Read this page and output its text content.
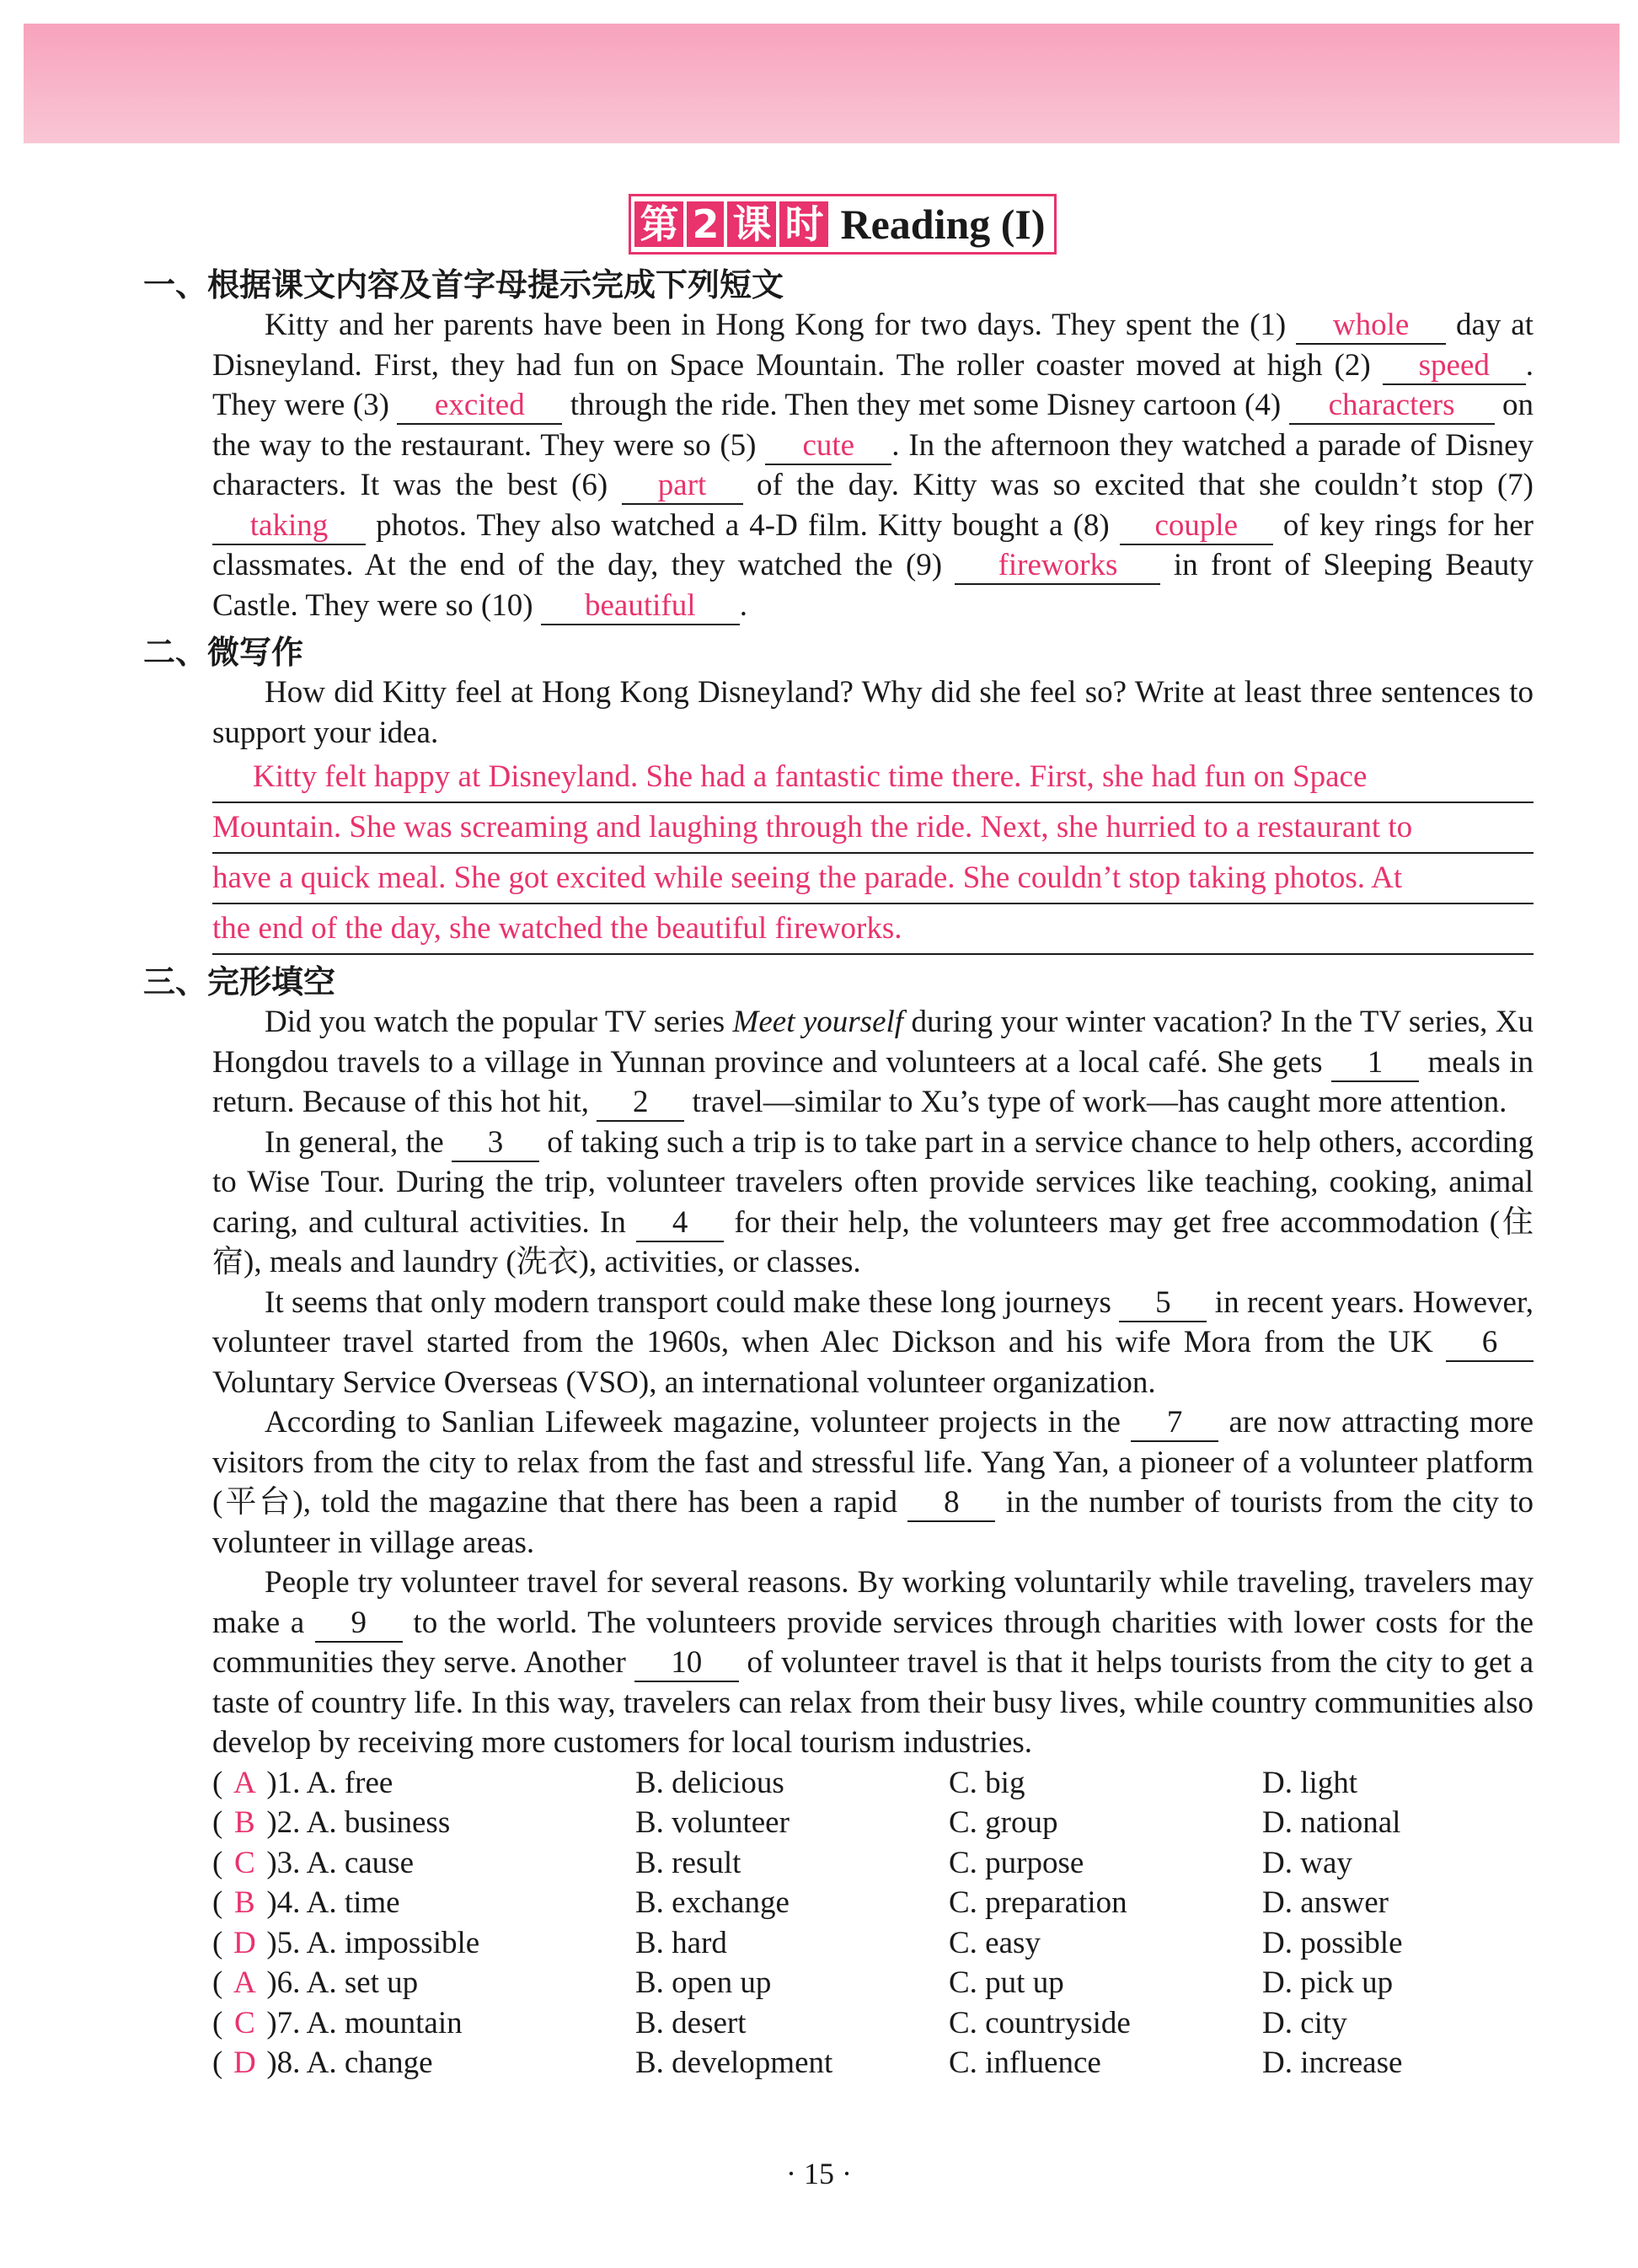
第 2 课 时 Reading (I)
一、根据课文内容及首字母提示完成下列短文
Kitty and her parents have been in Hong Kong for two days. They spent the (1) whole day at Disneyland. First, they had fun on Space Mountain. The roller coaster moved at high (2) speed . They were (3) excited through the ride. Then they met some Disney cartoon (4) characters on the way to the restaurant. They were so (5) cute . In the afternoon they watched a parade of Disney characters. It was the best (6) part of the day. Kitty was so excited that she couldn’t stop (7) taking photos. They also watched a 4-D film. Kitty bought a (8) couple of key rings for her classmates. At the end of the day, they watched the (9) fireworks in front of Sleeping Beauty Castle. They were so (10) beautiful .
二、微写作
How did Kitty feel at Hong Kong Disneyland? Why did she feel so? Write at least three sentences to support your idea.
Kitty felt happy at Disneyland. She had a fantastic time there. First, she had fun on Space
Mountain. She was screaming and laughing through the ride. Next, she hurried to a restaurant to
have a quick meal. She got excited while seeing the parade. She couldn’t stop taking photos. At
the end of the day, she watched the beautiful fireworks.
三、完形填空
Did you watch the popular TV series Meet yourself during your winter vacation? In the TV series, Xu Hongdou travels to a village in Yunnan province and volunteers at a local café. She gets 1 meals in return. Because of this hot hit, 2 travel—similar to Xu’s type of work—has caught more attention.
In general, the 3 of taking such a trip is to take part in a service chance to help others, according to Wise Tour. During the trip, volunteer travelers often provide services like teaching, cooking, animal caring, and cultural activities. In 4 for their help, the volunteers may get free accommodation (住宿), meals and laundry (洗衣), activities, or classes.
It seems that only modern transport could make these long journeys 5 in recent years. However, volunteer travel started from the 1960s, when Alec Dickson and his wife Mora from the UK 6 Voluntary Service Overseas (VSO), an international volunteer organization.
According to Sanlian Lifeweek magazine, volunteer projects in the 7 are now attracting more visitors from the city to relax from the fast and stressful life. Yang Yan, a pioneer of a volunteer platform (平台), told the magazine that there has been a rapid 8 in the number of tourists from the city to volunteer in village areas.
People try volunteer travel for several reasons. By working voluntarily while traveling, travelers may make a 9 to the world. The volunteers provide services through charities with lower costs for the communities they serve. Another 10 of volunteer travel is that it helps tourists from the city to get a taste of country life. In this way, travelers can relax from their busy lives, while country communities also develop by receiving more customers for local tourism industries.
( A )1. A. free	B. delicious	C. big	D. light
( B )2. A. business	B. volunteer	C. group	D. national
( C )3. A. cause	B. result	C. purpose	D. way
( B )4. A. time	B. exchange	C. preparation	D. answer
( D )5. A. impossible	B. hard	C. easy	D. possible
( A )6. A. set up	B. open up	C. put up	D. pick up
( C )7. A. mountain	B. desert	C. countryside	D. city
( D )8. A. change	B. development	C. influence	D. increase
· 15 ·
